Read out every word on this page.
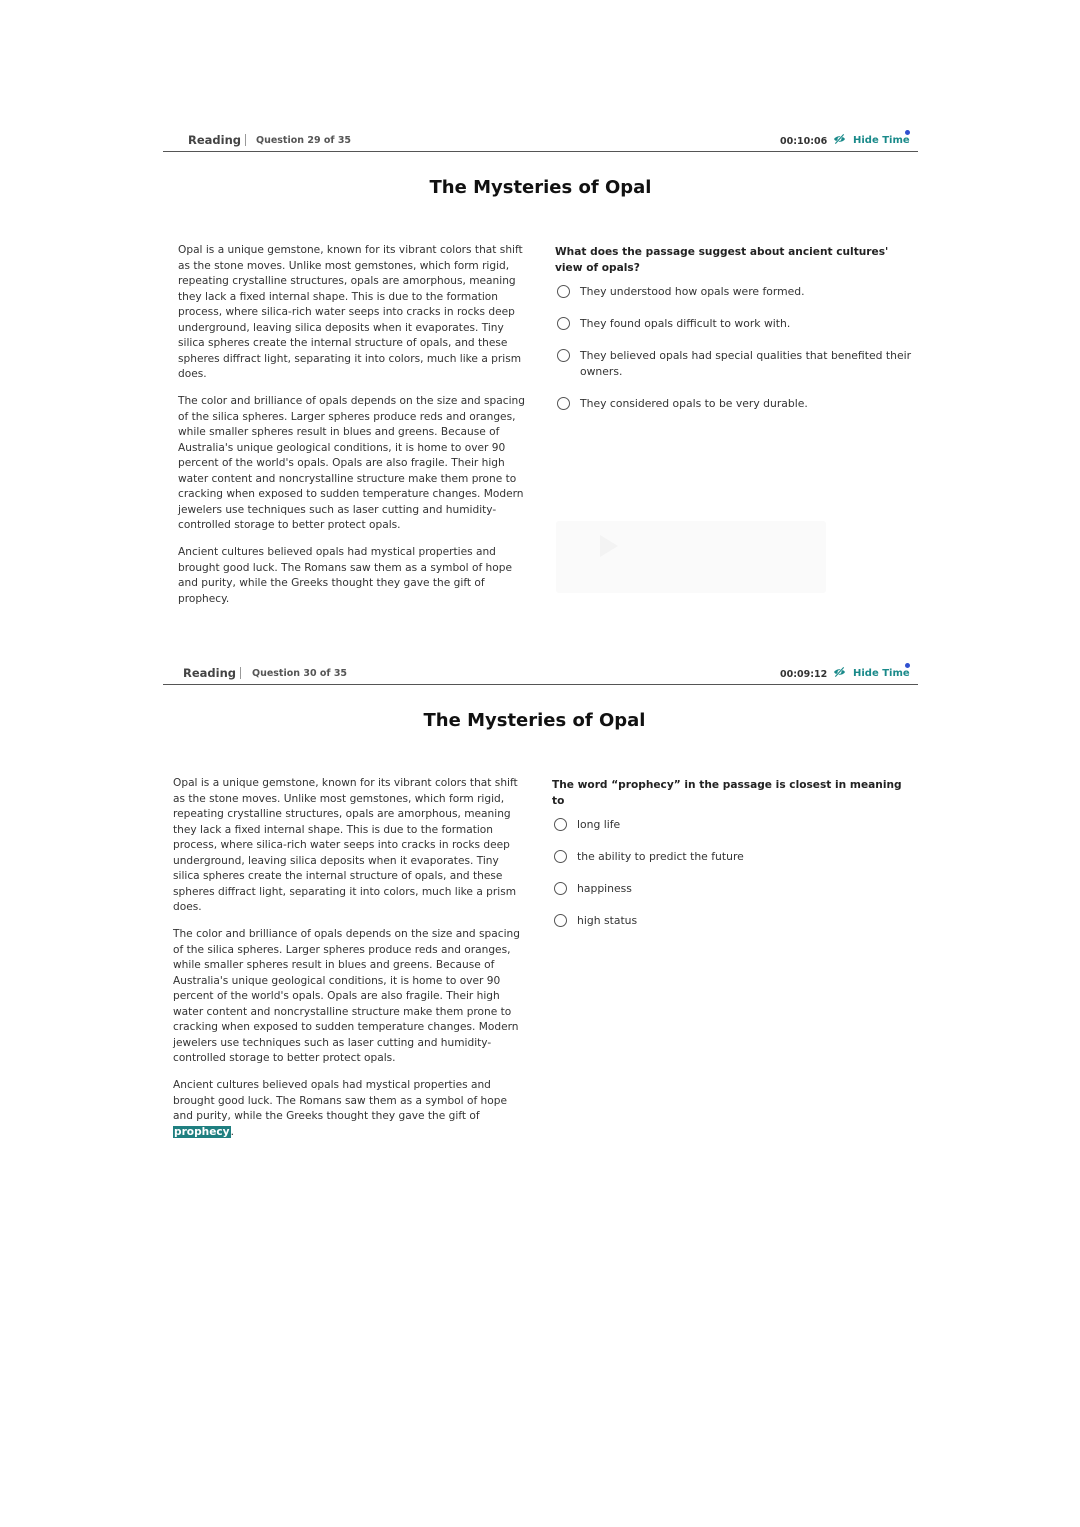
Reading Question 29 of 35	00:10:06	Hide Time
The Mysteries of Opal

Opal is a unique gemstone, known for its vibrant colors that shift as the stone moves. Unlike most gemstones, which form rigid, repeating crystalline structures, opals are amorphous, meaning they lack a fixed internal shape. This is due to the formation process, where silica-rich water seeps into cracks in rocks deep underground, leaving silica deposits when it evaporates. Tiny silica spheres create the internal structure of opals, and these spheres diffract light, separating it into colors, much like a prism does.

The color and brilliance of opals depends on the size and spacing of the silica spheres. Larger spheres produce reds and oranges, while smaller spheres result in blues and greens. Because of Australia's unique geological conditions, it is home to over 90 percent of the world's opals. Opals are also fragile. Their high water content and noncrystalline structure make them prone to cracking when exposed to sudden temperature changes. Modern jewelers use techniques such as laser cutting and humidity-controlled storage to better protect opals.

Ancient cultures believed opals had mystical properties and brought good luck. The Romans saw them as a symbol of hope and purity, while the Greeks thought they gave the gift of prophecy.

What does the passage suggest about ancient cultures' view of opals?
They understood how opals were formed.
They found opals difficult to work with.
They believed opals had special qualities that benefited their owners.
They considered opals to be very durable.
Reading Question 30 of 35	00:09:12	Hide Time
The Mysteries of Opal

Opal is a unique gemstone, known for its vibrant colors that shift as the stone moves. Unlike most gemstones, which form rigid, repeating crystalline structures, opals are amorphous, meaning they lack a fixed internal shape. This is due to the formation process, where silica-rich water seeps into cracks in rocks deep underground, leaving silica deposits when it evaporates. Tiny silica spheres create the internal structure of opals, and these spheres diffract light, separating it into colors, much like a prism does.

The color and brilliance of opals depends on the size and spacing of the silica spheres. Larger spheres produce reds and oranges, while smaller spheres result in blues and greens. Because of Australia's unique geological conditions, it is home to over 90 percent of the world's opals. Opals are also fragile. Their high water content and noncrystalline structure make them prone to cracking when exposed to sudden temperature changes. Modern jewelers use techniques such as laser cutting and humidity-controlled storage to better protect opals.

Ancient cultures believed opals had mystical properties and brought good luck. The Romans saw them as a symbol of hope and purity, while the Greeks thought they gave the gift of prophecy.

The word “prophecy” in the passage is closest in meaning to
long life
the ability to predict the future
happiness
high status
